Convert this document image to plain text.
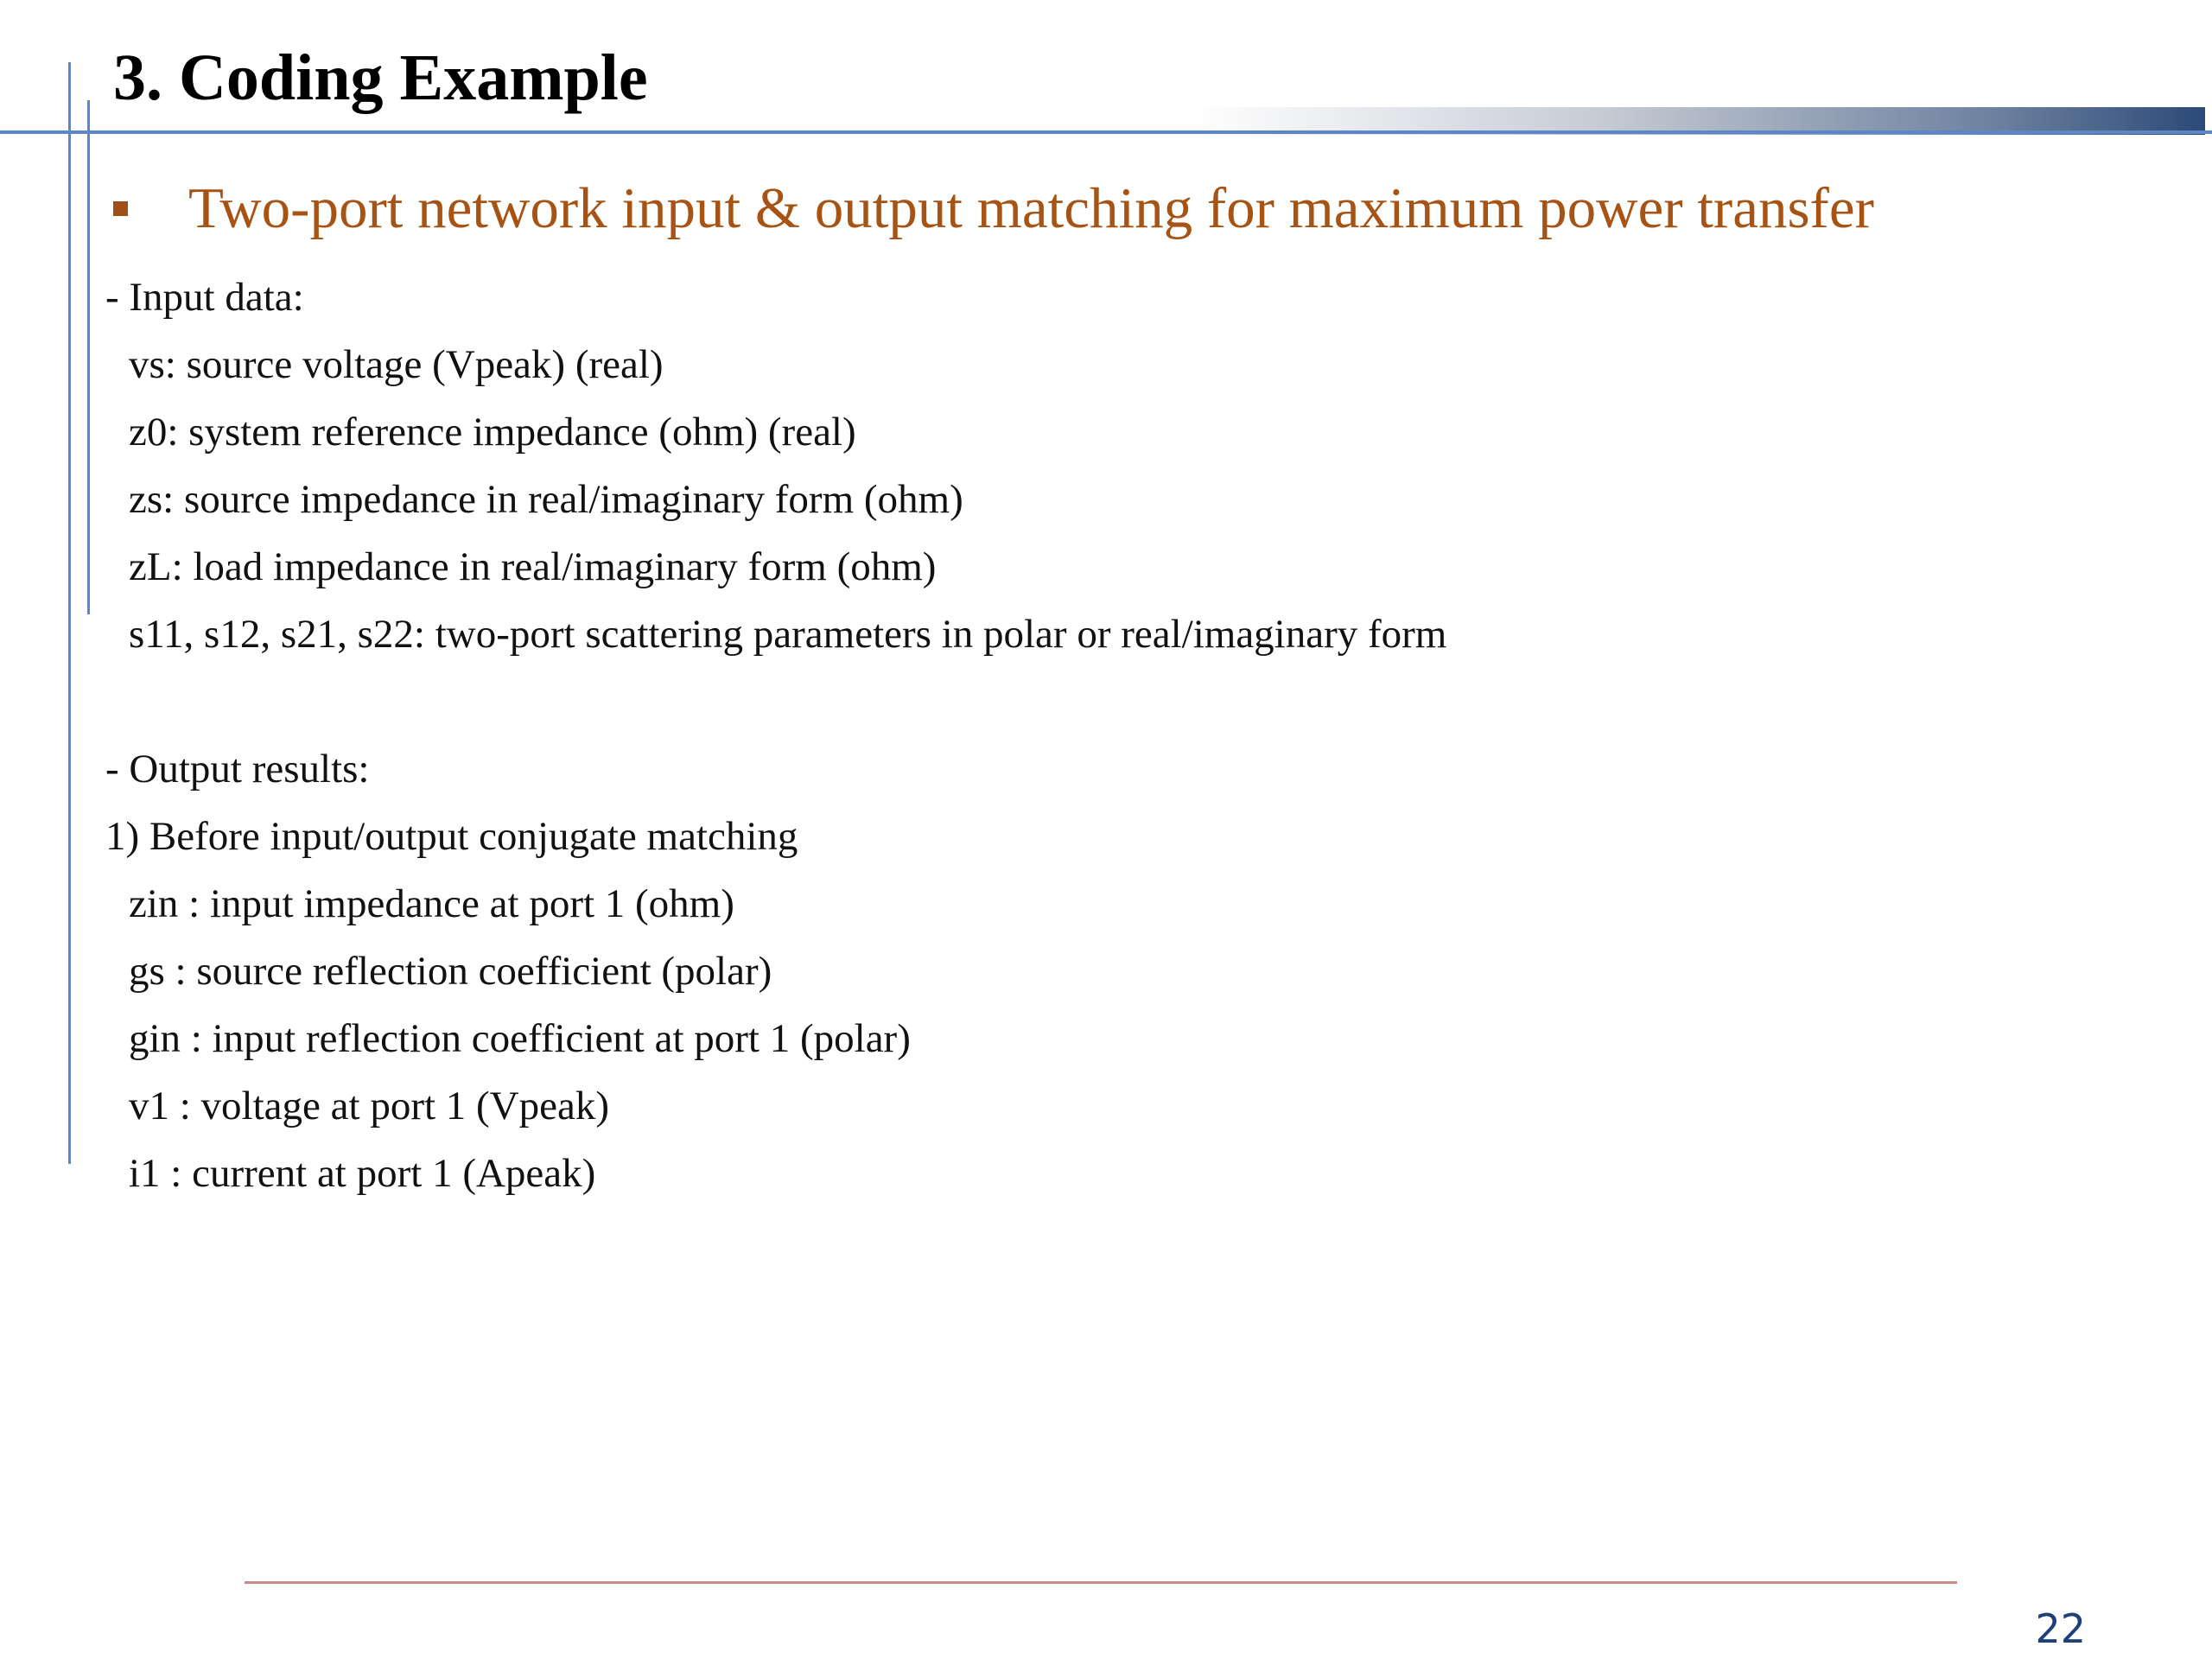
3. Coding Example
Two-port network input & output matching for maximum power transfer
- Input data:
vs: source voltage (Vpeak) (real)
z0: system reference impedance (ohm) (real)
zs: source impedance in real/imaginary form (ohm)
zL: load impedance in real/imaginary form (ohm)
s11, s12, s21, s22: two-port scattering parameters in polar or real/imaginary form
- Output results:
1) Before input/output conjugate matching
zin : input impedance at port 1 (ohm)
gs : source reflection coefficient (polar)
gin : input reflection coefficient at port 1 (polar)
v1 : voltage at port 1 (Vpeak)
i1 : current at port 1 (Apeak)
22
